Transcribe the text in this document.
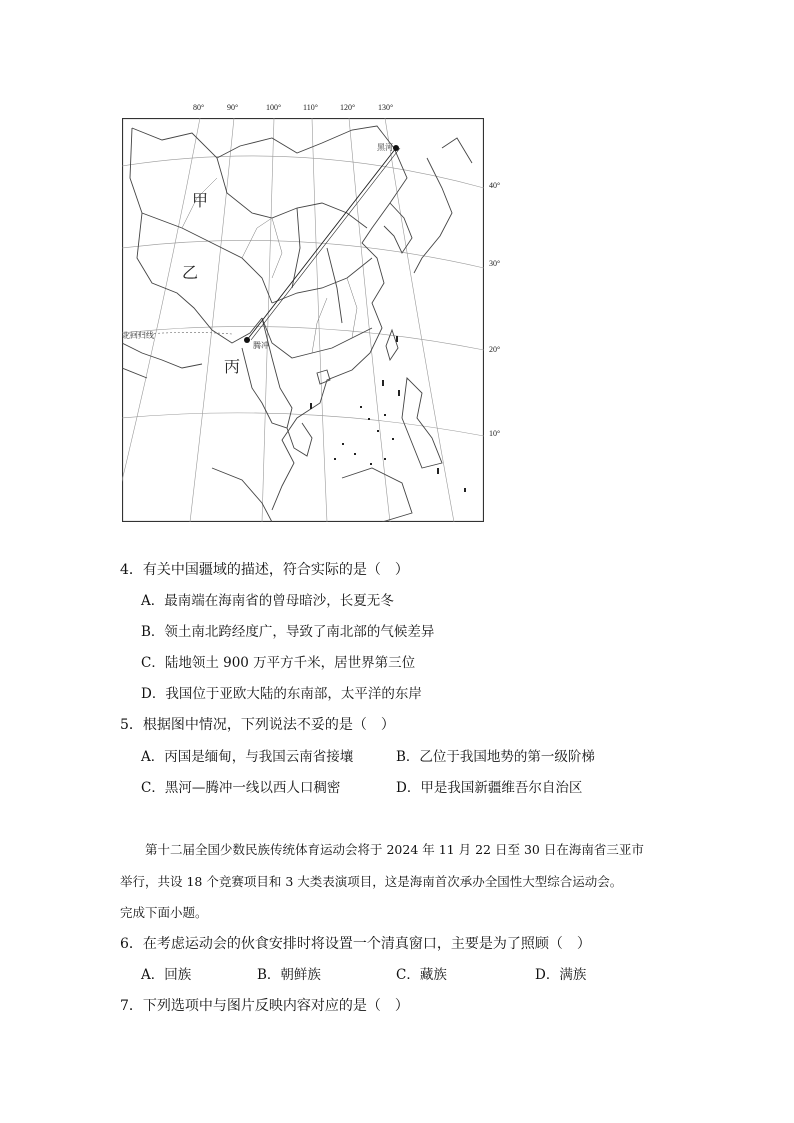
80°	90°	100°	110°	120°	130°
40°
30°
20°
10°
甲
乙
丙
黑河
腾冲
北回归线
4．有关中国疆域的描述，符合实际的是（　）
A．最南端在海南省的曾母暗沙，长夏无冬
B．领土南北跨经度广，导致了南北部的气候差异
C．陆地领土 900 万平方千米，居世界第三位
D．我国位于亚欧大陆的东南部，太平洋的东岸
5．根据图中情况，下列说法不妥的是（　）
A．丙国是缅甸，与我国云南省接壤	B．乙位于我国地势的第一级阶梯
C．黑河—腾冲一线以西人口稠密	D．甲是我国新疆维吾尔自治区
　　第十二届全国少数民族传统体育运动会将于 2024 年 11 月 22 日至 30 日在海南省三亚市
举行，共设 18 个竞赛项目和 3 大类表演项目，这是海南首次承办全国性大型综合运动会。
完成下面小题。
6．在考虑运动会的伙食安排时将设置一个清真窗口，主要是为了照顾（　）
A．回族	B．朝鲜族	C．藏族	D．满族
7．下列选项中与图片反映内容对应的是（　）
